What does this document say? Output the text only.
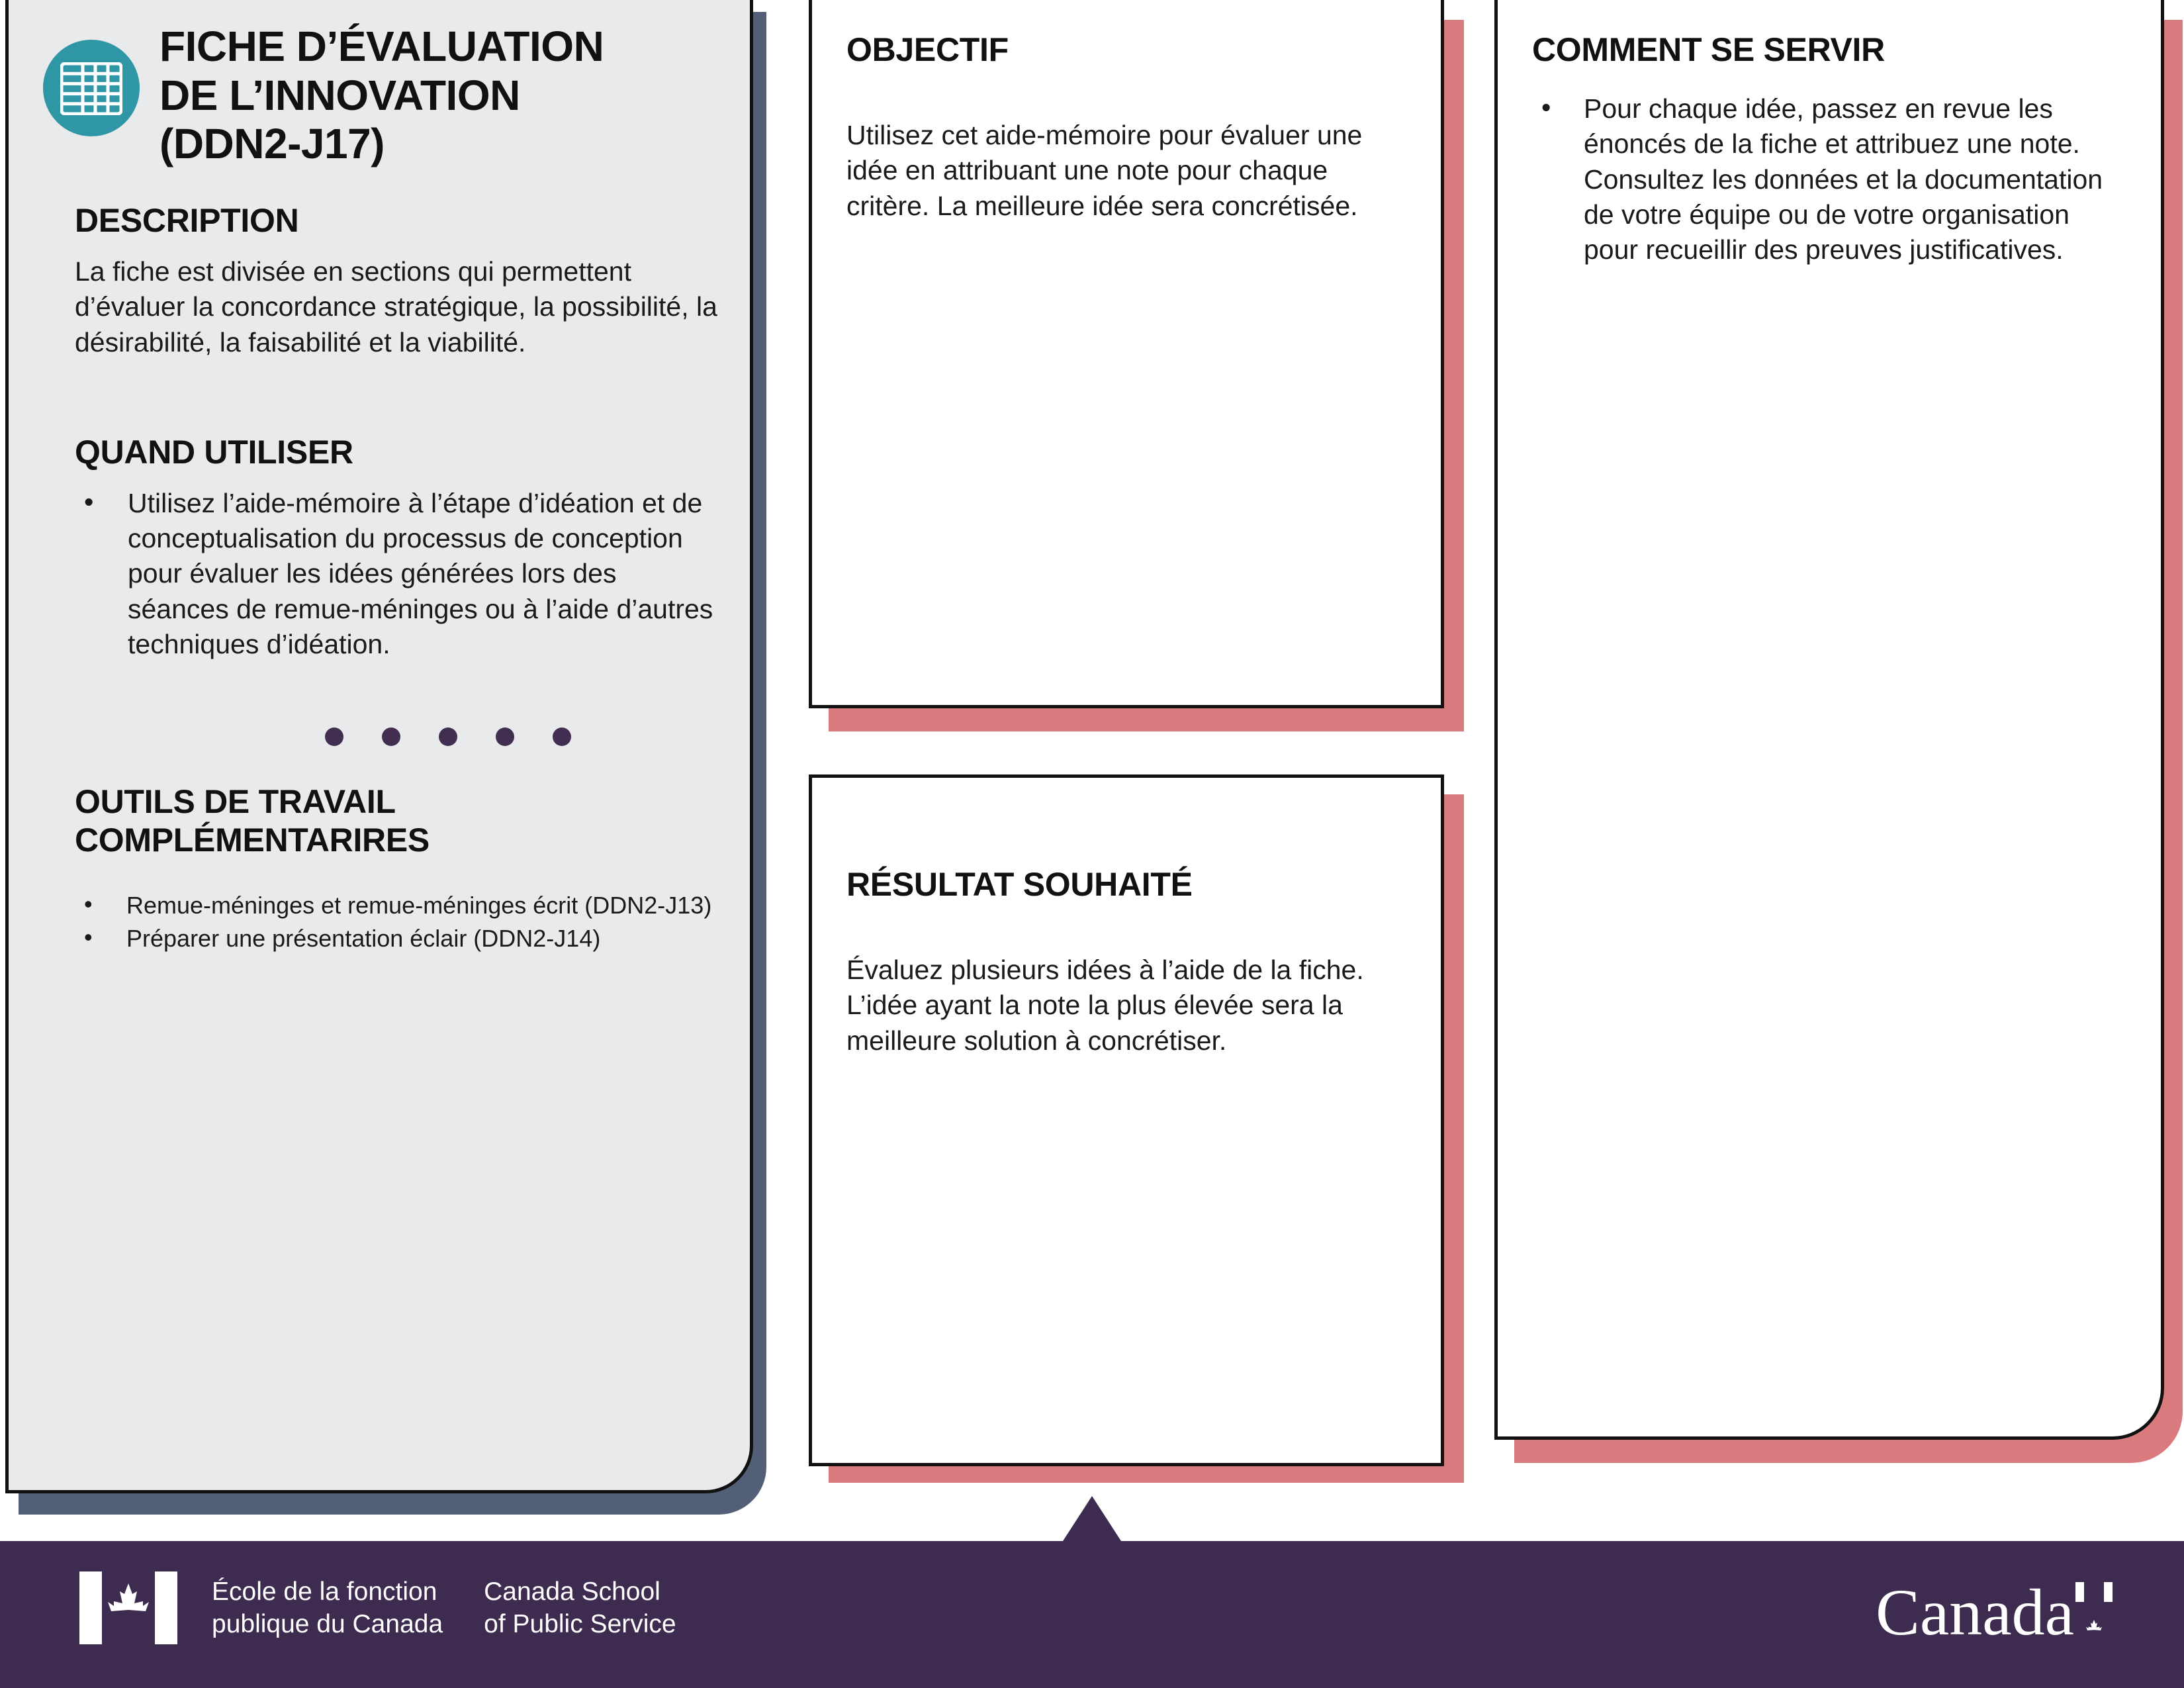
FICHE D’ÉVALUATION
DE L’INNOVATION
(DDN2-J17)
DESCRIPTION

La fiche est divisée en sections qui permettent d’évaluer la concordance stratégique, la possibilité, la désirabilité, la faisabilité et la viabilité.

QUAND UTILISER
• Utilisez l’aide-mémoire à l’étape d’idéation et de conceptualisation du processus de conception pour évaluer les idées générées lors des séances de remue-méninges ou à l’aide d’autres techniques d’idéation.
OUTILS DE TRAVAIL
COMPLÉMENTARIRES
• Remue-méninges et remue-méninges écrit (DDN2-J13)
• Préparer une présentation éclair (DDN2-J14)
OBJECTIF

Utilisez cet aide-mémoire pour évaluer une idée en attribuant une note pour chaque critère. La meilleure idée sera concrétisée.

RÉSULTAT SOUHAITÉ

Évaluez plusieurs idées à l’aide de la fiche. L’idée ayant la note la plus élevée sera la meilleure solution à concrétiser.

COMMENT SE SERVIR
• Pour chaque idée, passez en revue les énoncés de la fiche et attribuez une note. Consultez les données et la documentation de votre équipe ou de votre organisation pour recueillir des preuves justificatives.
École de la fonction
publique du Canada
Canada School
of Public Service	Canada
